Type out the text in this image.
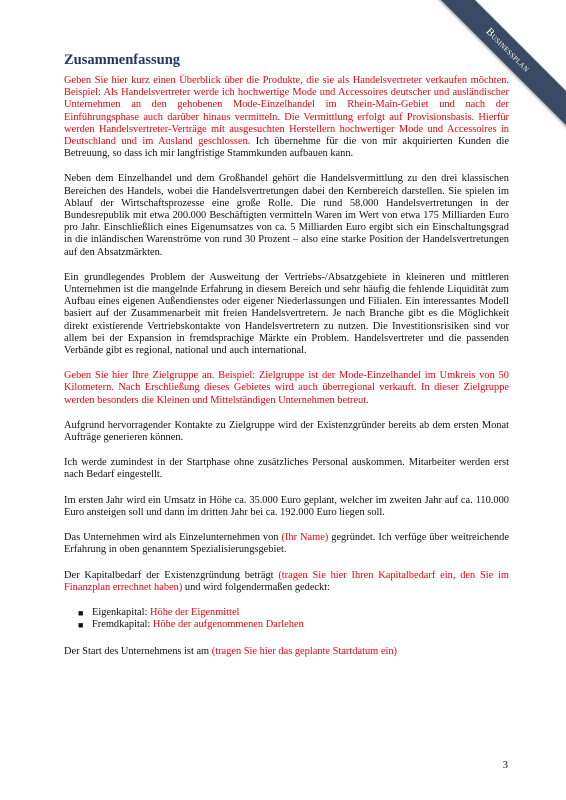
Businessplan
Zusammenfassung

Geben Sie hier kurz einen Überblick über die Produkte, die sie als Handelsvertreter verkaufen möchten. Beispiel: Als Handelsvertreter werde ich hochwertige Mode und Accessoires deutscher und ausländischer Unternehmen an den gehobenen Mode-Einzelhandel im Rhein-Main-Gebiet und nach der Einführungsphase auch darüber hinaus vermitteln. Die Vermittlung erfolgt auf Provisionsbasis. Hierfür werden Handelsvertreter-Verträge mit ausgesuchten Herstellern hochwertiger Mode und Accessoires in Deutschland und im Ausland geschlossen. Ich übernehme für die von mir akquirierten Kunden die Betreuung, so dass ich mir langfristige Stammkunden aufbauen kann.

Neben dem Einzelhandel und dem Großhandel gehört die Handelsvermittlung zu den drei klassischen Bereichen des Handels, wobei die Handelsvertretungen dabei den Kernbereich darstellen. Sie spielen im Ablauf der Wirtschaftsprozesse eine große Rolle. Die rund 58.000 Handelsvertretungen in der Bundesrepublik mit etwa 200.000 Beschäftigten vermitteln Waren im Wert von etwa 175 Milliarden Euro pro Jahr. Einschließlich eines Eigenumsatzes von ca. 5 Milliarden Euro ergibt sich ein Einschaltungsgrad in die inländischen Warenströme von rund 30 Prozent – also eine starke Position der Handelsvertretungen auf den Absatzmärkten.

Ein grundlegendes Problem der Ausweitung der Vertriebs-/Absatzgebiete in kleineren und mittleren Unternehmen ist die mangelnde Erfahrung in diesem Bereich und sehr häufig die fehlende Liquidität zum Aufbau eines eigenen Außendienstes oder eigener Niederlassungen und Filialen. Ein interessantes Modell basiert auf der Zusammenarbeit mit freien Handelsvertretern. Je nach Branche gibt es die Möglichkeit direkt existierende Vertriebskontakte von Handelsvertretern zu nutzen. Die Investitionsrisiken sind vor allem bei der Expansion in fremdsprachige Märkte ein Problem. Handelsvertreter und die passenden Verbände gibt es regional, national und auch international.

Geben Sie hier Ihre Zielgruppe an. Beispiel: Zielgruppe ist der Mode-Einzelhandel im Umkreis von 50 Kilometern. Nach Erschließung dieses Gebietes wird auch überregional verkauft. In dieser Zielgruppe werden besonders die Kleinen und Mittelständigen Unternehmen betreut.

Aufgrund hervorragender Kontakte zu Zielgruppe wird der Existenzgründer bereits ab dem ersten Monat Aufträge generieren können.

Ich werde zumindest in der Startphase ohne zusätzliches Personal auskommen. Mitarbeiter werden erst nach Bedarf eingestellt.

Im ersten Jahr wird ein Umsatz in Höhe ca. 35.000 Euro geplant, welcher im zweiten Jahr auf ca. 110.000 Euro ansteigen soll und dann im dritten Jahr bei ca. 192.000 Euro liegen soll.

Das Unternehmen wird als Einzelunternehmen von (Ihr Name) gegründet. Ich verfüge über weitreichende Erfahrung in oben genanntem Spezialisierungsgebiet.

Der Kapitalbedarf der Existenzgründung beträgt (tragen Sie hier Ihren Kapitalbedarf ein, den Sie im Finanzplan errechnet haben) und wird folgendermaßen gedeckt:

■ Eigenkapital: Höhe der Eigenmittel
■ Fremdkapital: Höhe der aufgenommenen Darlehen

Der Start des Unternehmens ist am (tragen Sie hier das geplante Startdatum ein)

3
